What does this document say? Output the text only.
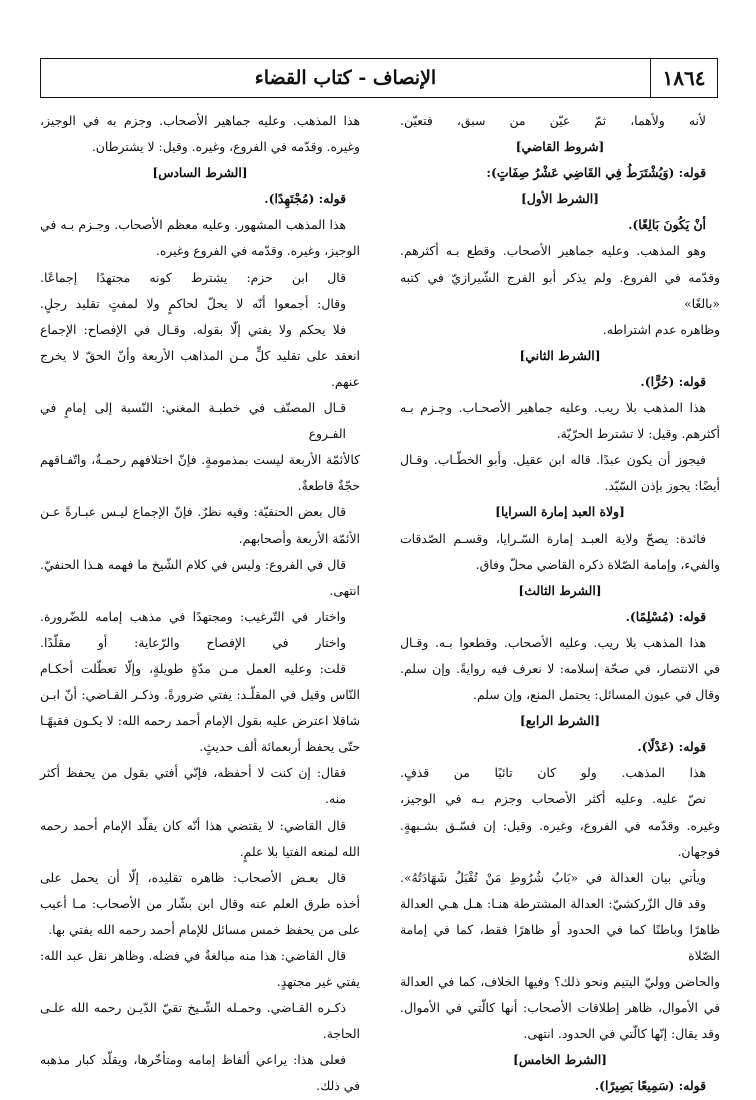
١٨٦٤
الإنصاف - كتاب القضاء
لأنه ولأهما، ثمّ عيّن من سبق، فتعيّن.
[شروط القاضي]
قوله: (وَيُشْتَرَطُ فِي القَاضِي عَشْرُ صِفَاتٍ):
[الشرط الأول]
أنْ يَكُونَ بَالِغًا).
وهو المذهب. وعليه جماهير الأصحاب. وقطع بـه أكثرهم.
وقدّمه في الفروع. ولم يذكر أبو الفرج الشّيرازيّ في كتبه «بالغًا»
وظاهره عدم اشتراطه.
[الشرط الثاني]
قوله: (حُرًّا).
هذا المذهب بلا ريب. وعليه جماهير الأصحـاب. وجـزم بـه
أكثرهم. وقيل: لا تشترط الحرّيّة.
فيجوز أن يكون عبدًا. قاله ابن عقيل. وأبو الخطّـاب. وقـال
أيضًا: يجوز بإذن السّيّد.
[ولاة العبد إمارة السرايا]
فائدة: يصحّ ولاية العبـد إمارة السّـرايا، وقسـم الصّدقات
والفيء، وإمامة الصّلاة ذكره القاضي محلّ وفاق.
[الشرط الثالث]
قوله: (مُسْلِمًا).
هذا المذهب بلا ريب. وعليه الأصحاب. وقطعوا بـه. وقـال
في الانتصار، في صحّة إسلامه: لا نعرف فيه روايةً. وإن سلم.
وقال في عيون المسائل: يحتمل المنع، وإن سلم.
[الشرط الرابع]
قوله: (عَدْلًا).
هذا المذهب. ولو كان تائبًا من قذفٍ.
نصّ عليه. وعليه أكثر الأصحاب وجزم بـه في الوجيز،
وغيره. وقدّمه في الفروع، وغيره. وقيل: إن فسّـق بشـبهةٍ.
فوجهان.
ويأتي بيان العدالة في «بَابُ شُرُوطِ مَنْ تُقْبَلُ شَهَادَتُهُ».
وقد قال الزّركشيّ: العدالة المشترطة هنـا: هـل هـي العدالة
ظاهرًا وباطنًا كما في الحدود أو ظاهرًا فقط، كما في إمامة الصّلاة
والحاضن ووليّ اليتيم ونحو ذلك؟ وفيها الخلاف، كما في العدالة
في الأموال، ظاهر إطلاقات الأصحاب: أنها كالّتي في الأموال.
وقد يقال: إنّها كالّتي في الحدود. انتهى.
[الشرط الخامس]
قوله: (سَمِيعًا بَصِيرًا).
هذا المذهب. وعليه جماهير الأصحاب. وجزم به في الوجيز،
وغيره. وقدّمه في الفروع، وغيره. وقيل: لا يشترطان.
[الشرط السادس]
قوله: (مُجْتَهِدًا).
هذا المذهب المشهور. وعليه معظم الأصحاب. وجـزم بـه في
الوجيز، وغيره. وقدّمه في الفروع وغيره.
قال ابن حزم: يشترط كونه مجتهدًا إجماعًا.
وقال: أجمعوا أنّه لا يحلّ لحاكمٍ ولا لمفتٍ تقليد رجلٍ.
فلا يحكم ولا يفتي إلّا بقوله. وقـال في الإفصاح: الإجماع
انعقد على تقليد كلٍّ مـن المذاهب الأربعة وأنّ الحقّ لا يخرج
عنهم.
قـال المصنّف في خطبـة المغني: النّسبة إلى إمامٍ في الفـروع
كالأئمّة الأربعة ليست بمذمومةٍ. فإنّ اختلافهم رحمـةٌ، واتّفـاقهم
حجّةٌ قاطعةٌ.
قال بعض الحنفيّة: وفيه نظرٌ. فإنّ الإجماع ليـس عبـارةً عـن
الأئمّة الأربعة وأصحابهم.
قال في الفروع: وليس في كلام الشّيخ ما فهمه هـذا الحنفيّ.
انتهى.
واختار في التّرغيب: ومجتهدًا في مذهب إمامه للضّرورة.
واختار في الإفصاح والرّعاية: أو مقلّدًا.
قلت: وعليه العمل مـن مدّةٍ طويلةٍ، وإلّا تعطّلت أحكـام
النّاس وقيل في المقلّـد: يفتي ضرورةً. وذكـر القـاضي: أنّ ابـن
شاقلا اعترض عليه بقول الإمام أحمد رحمه الله: لا يكـون فقيهًـا
حتّى يحفظ أربعمائة ألف حديثٍ.
فقال: إن كنت لا أحفظه، فإنّي أفتي بقول من يحفظ أكثر منه.
قال القاضي: لا يقتضي هذا أنّه كان يقلّد الإمام أحمد رحمه
الله لمنعه الفتيا بلا علمٍ.
قال بعـض الأصحاب: ظاهره تقليده، إلّا أن يحمل على
أخذه طرق العلم عنه وقال ابن بشّار من الأصحاب: مـا أعيب
على من يحفظ خمس مسائل للإمام أحمد رحمه الله يفتي بها.
قال القاضي: هذا منه مبالغةٌ في فضله. وظاهر نقل عبد الله:
يفتي غير مجتهدٍ.
ذكـره القـاضي. وحمـله الشّـيخ تقيّ الدّيـن رحمه الله علـى
الحاجة.
فعلى هذا: يراعي ألفاظ إمامه ومتأخّرها، ويقلّد كبار مذهبه
في ذلك.
